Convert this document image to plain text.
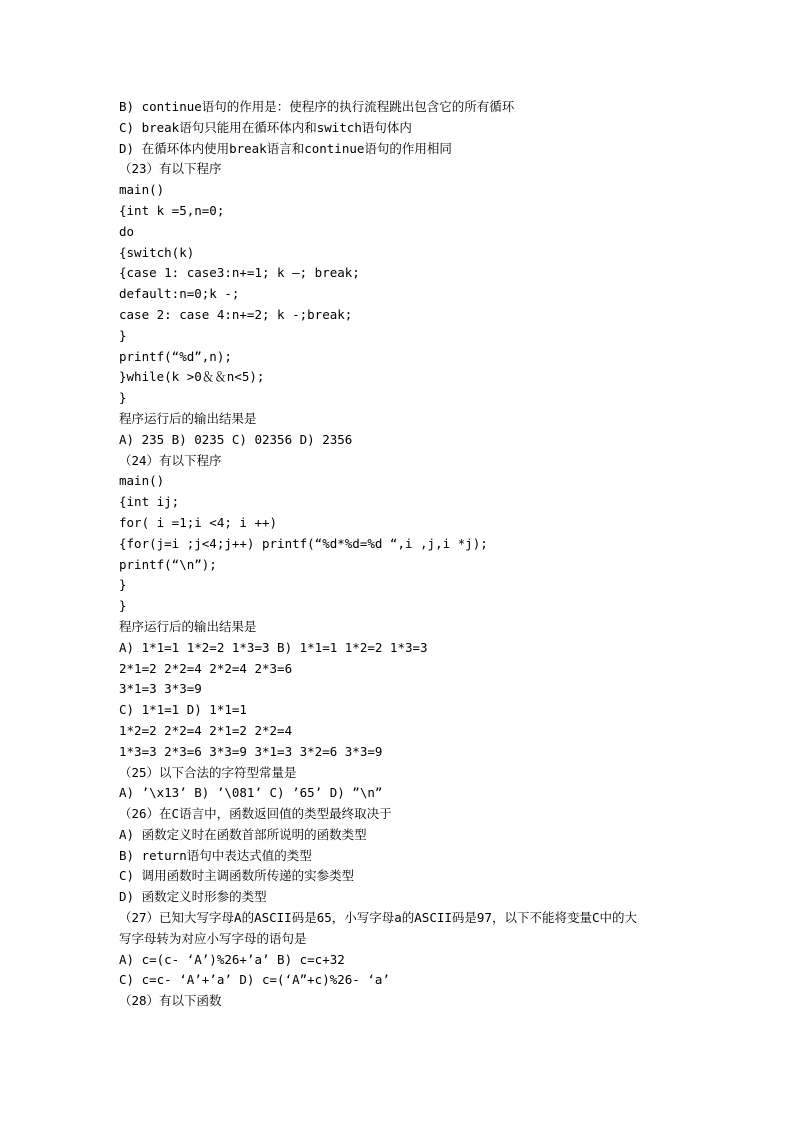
B) continue语句的作用是：使程序的执行流程跳出包含它的所有循环
C) break语句只能用在循环体内和switch语句体内
D) 在循环体内使用break语言和continue语句的作用相同
（23）有以下程序
main()
{int k =5,n=0;
do
{switch(k)
{case 1: case3:n+=1; k —; break;
default:n=0;k -;
case 2: case 4:n+=2; k -;break;
}
printf(“%d”,n);
}while(k >0＆＆n<5);
}
程序运行后的输出结果是
A) 235 B) 0235 C) 02356 D) 2356
（24）有以下程序
main()
{int ij;
for( i =1;i <4; i ++)
{for(j=i ;j<4;j++) printf(“%d*%d=%d “,i ,j,i *j);
printf(“\n”);
}
}
程序运行后的输出结果是
A) 1*1=1 1*2=2 1*3=3 B) 1*1=1 1*2=2 1*3=3
2*1=2 2*2=4 2*2=4 2*3=6
3*1=3 3*3=9
C) 1*1=1 D) 1*1=1
1*2=2 2*2=4 2*1=2 2*2=4
1*3=3 2*3=6 3*3=9 3*1=3 3*2=6 3*3=9
（25）以下合法的字符型常量是
A) ’\x13’ B) ’\081’ C) ’65’ D) ”\n”
（26）在C语言中，函数返回值的类型最终取决于
A) 函数定义时在函数首部所说明的函数类型
B) return语句中表达式值的类型
C) 调用函数时主调函数所传递的实参类型
D) 函数定义时形参的类型
（27）已知大写字母A的ASCII码是65，小写字母a的ASCII码是97，以下不能将变量C中的大
写字母转为对应小写字母的语句是
A) c=(c- ‘A’)%26+’a’ B) c=c+32
C) c=c- ‘A’+’a’ D) c=(‘A”+c)%26- ‘a’
（28）有以下函数
